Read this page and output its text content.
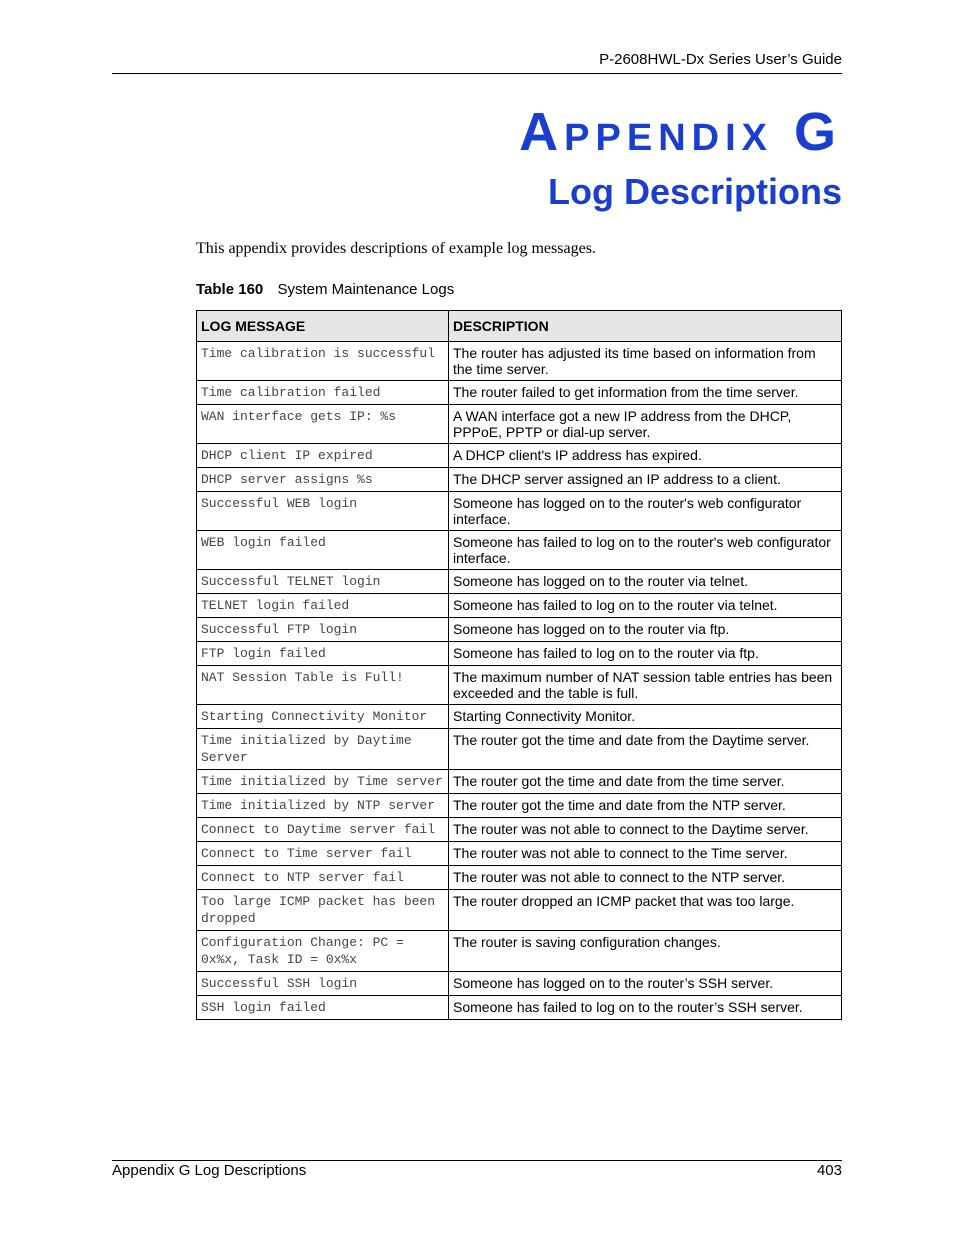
P-2608HWL-Dx Series User’s Guide
Appendix G
Log Descriptions
This appendix provides descriptions of example log messages.
Table 160 System Maintenance Logs
LOG MESSAGE	DESCRIPTION
Time calibration is successful	The router has adjusted its time based on information from the time server.
Time calibration failed	The router failed to get information from the time server.
WAN interface gets IP: %s	A WAN interface got a new IP address from the DHCP, PPPoE, PPTP or dial-up server.
DHCP client IP expired	A DHCP client's IP address has expired.
DHCP server assigns %s	The DHCP server assigned an IP address to a client.
Successful WEB login	Someone has logged on to the router's web configurator interface.
WEB login failed	Someone has failed to log on to the router's web configurator interface.
Successful TELNET login	Someone has logged on to the router via telnet.
TELNET login failed	Someone has failed to log on to the router via telnet.
Successful FTP login	Someone has logged on to the router via ftp.
FTP login failed	Someone has failed to log on to the router via ftp.
NAT Session Table is Full!	The maximum number of NAT session table entries has been exceeded and the table is full.
Starting Connectivity Monitor	Starting Connectivity Monitor.
Time initialized by Daytime Server	The router got the time and date from the Daytime server.
Time initialized by Time server	The router got the time and date from the time server.
Time initialized by NTP server	The router got the time and date from the NTP server.
Connect to Daytime server fail	The router was not able to connect to the Daytime server.
Connect to Time server fail	The router was not able to connect to the Time server.
Connect to NTP server fail	The router was not able to connect to the NTP server.
Too large ICMP packet has been dropped	The router dropped an ICMP packet that was too large.
Configuration Change: PC = 0x%x, Task ID = 0x%x	The router is saving configuration changes.
Successful SSH login	Someone has logged on to the router’s SSH server.
SSH login failed	Someone has failed to log on to the router’s SSH server.
Appendix G Log Descriptions	403
